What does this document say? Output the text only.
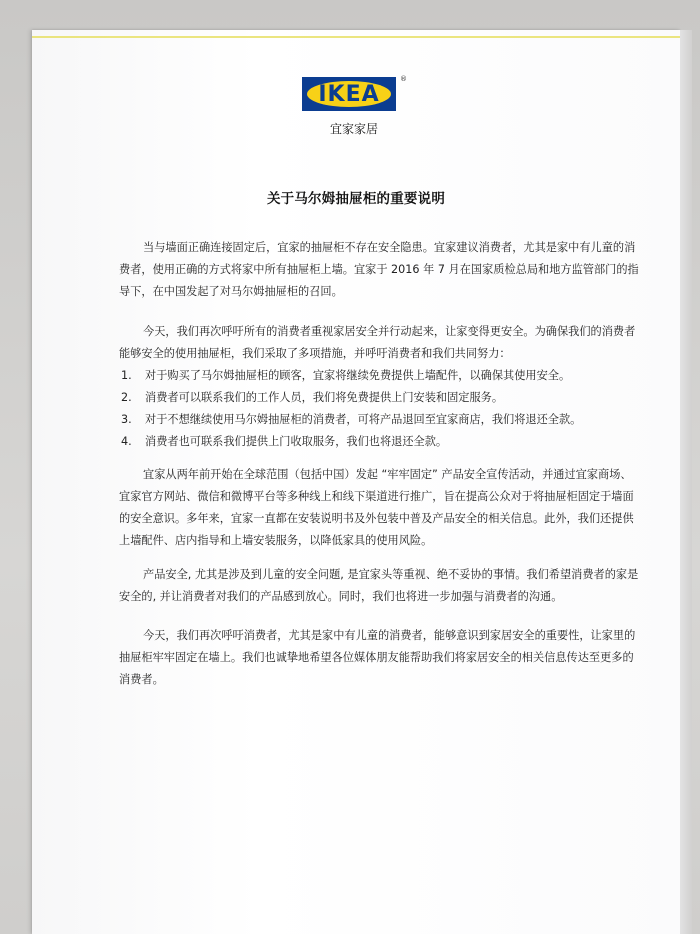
IKEA
®
宜家家居
关于马尔姆抽屉柜的重要说明

当与墙面正确连接固定后，宜家的抽屉柜不存在安全隐患。宜家建议消费者，尤其是家中有儿童的消费者，使用正确的方式将家中所有抽屉柜上墙。宜家于 2016 年 7 月在国家质检总局和地方监管部门的指导下，在中国发起了对马尔姆抽屉柜的召回。

今天，我们再次呼吁所有的消费者重视家居安全并行动起来，让家变得更安全。为确保我们的消费者能够安全的使用抽屉柜，我们采取了多项措施，并呼吁消费者和我们共同努力：

1. 对于购买了马尔姆抽屉柜的顾客，宜家将继续免费提供上墙配件，以确保其使用安全。
2. 消费者可以联系我们的工作人员，我们将免费提供上门安装和固定服务。
3. 对于不想继续使用马尔姆抽屉柜的消费者，可将产品退回至宜家商店，我们将退还全款。
4. 消费者也可联系我们提供上门收取服务，我们也将退还全款。

宜家从两年前开始在全球范围（包括中国）发起 “牢牢固定” 产品安全宣传活动，并通过宜家商场、宜家官方网站、微信和微博平台等多种线上和线下渠道进行推广，旨在提高公众对于将抽屉柜固定于墙面的安全意识。多年来，宜家一直都在安装说明书及外包装中普及产品安全的相关信息。此外，我们还提供上墙配件、店内指导和上墙安装服务，以降低家具的使用风险。

产品安全, 尤其是涉及到儿童的安全问题, 是宜家头等重视、绝不妥协的事情。我们希望消费者的家是安全的, 并让消费者对我们的产品感到放心。同时，我们也将进一步加强与消费者的沟通。

今天，我们再次呼吁消费者，尤其是家中有儿童的消费者，能够意识到家居安全的重要性，让家里的抽屉柜牢牢固定在墙上。我们也诚挚地希望各位媒体朋友能帮助我们将家居安全的相关信息传达至更多的消费者。
